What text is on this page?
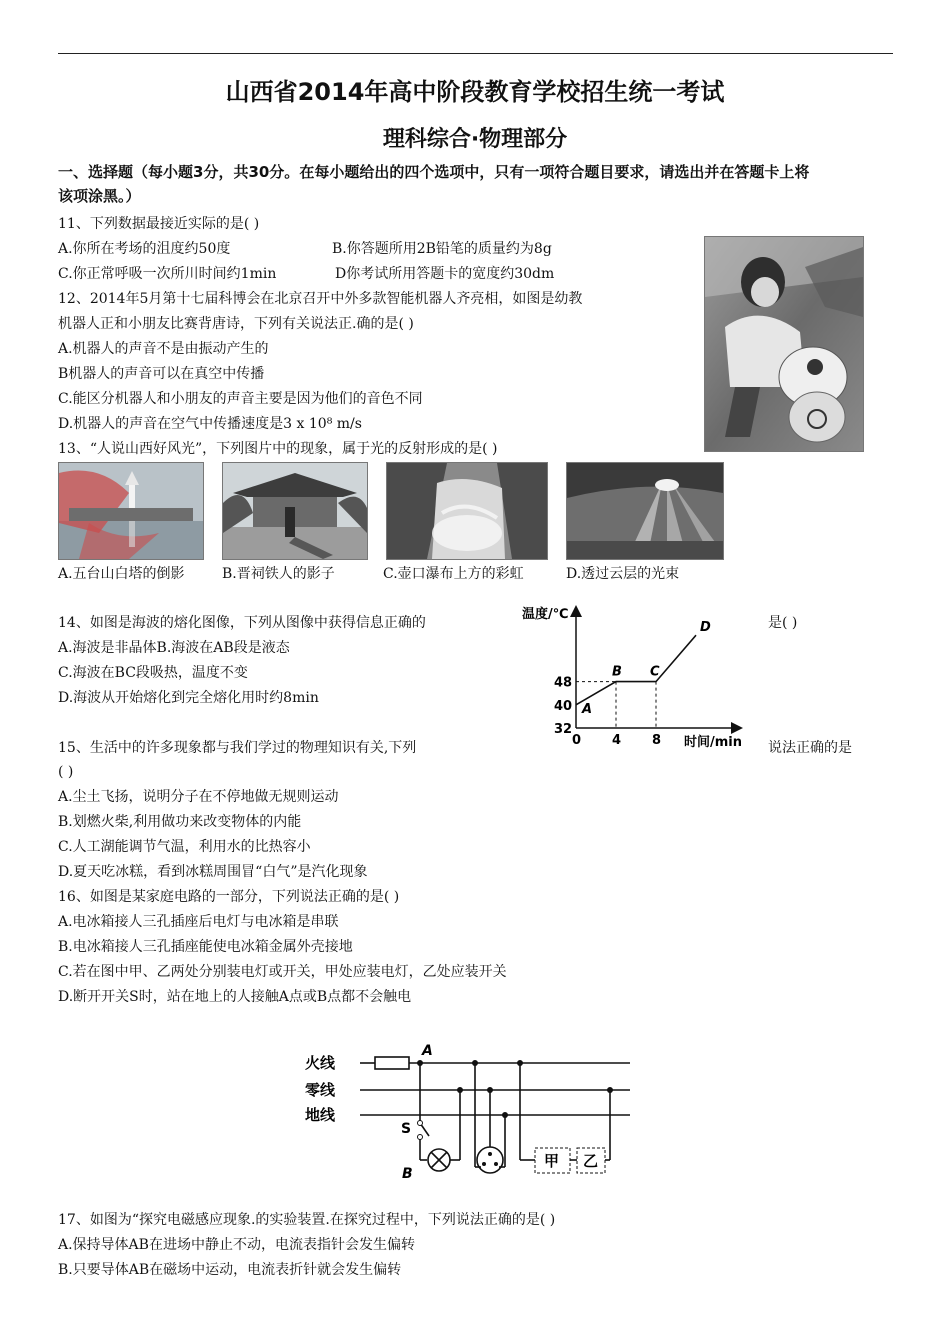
山西省2014年高中阶段教育学校招生统一考试
理科综合·物理部分
一、选择题（每小题3分，共30分。在每小题给出的四个选项中，只有一项符合题目要求，请选出并在答题卡上将
该项涂黑。）
11、下列数据最接近实际的是( )
A.你所在考场的沮度约50度	B.你答题所用2B铅笔的质量约为8g
C.你正常呼吸一次所川时间约1min	D你考试所用答题卡的宽度约30dm
12、2014年5月第十七届科博会在北京召开中外多款智能机器人齐亮相，如图是幼教
机器人正和小朋友比赛背唐诗，下列有关说法正.确的是( )
A.机器人的声音不是由振动产生的
B机器人的声音可以在真空中传播
C.能区分机器人和小朋友的声音主要是因为他们的音色不同
D.机器人的声音在空气中传播速度是3 x 10⁸ m/s
13、“人说山西好风光”，下列图片中的现象，属于光的反射形成的是( )
A.五台山白塔的倒影	B.晋祠铁人的影子	C.壶口瀑布上方的彩虹	D.透过云层的光束
14、如图是海波的熔化图像，下列从图像中获得信息正确的	是( )
A.海波是非晶体B.海波在AB段是液态
C.海波在BC段吸热，温度不变
D.海波从开始熔化到完全熔化用时约8min
温度/℃
时间/min
0 4 8
32
40
48
A
B C
D
15、生活中的许多现象都与我们学过的物理知识有关,下列	说法正确的是
( )
A.尘土飞扬，说明分子在不停地做无规则运动
B.划燃火柴,利用做功来改变物体的内能
C.人工湖能调节气温，利用水的比热容小
D.夏天吃冰糕，看到冰糕周围冒“白气”是汽化现象
16、如图是某家庭电路的一部分，下列说法正确的是( )
A.电冰箱接人三孔插座后电灯与电冰箱是串联
B.电冰箱接人三孔插座能使电冰箱金属外壳接地
C.若在图中甲、乙两处分别装电灯或开关，甲处应装电灯，乙处应装开关
D.断开开关S时，站在地上的人接触A点或B点都不会触电
火线
零线
地线
A
B
S
甲 乙
17、如图为“探究电磁感应现象.的实验装置.在探究过程中，下列说法正确的是( )
A.保持导体AB在进场中静止不动，电流表指针会发生偏转
B.只要导体AB在磁场中运动，电流表折针就会发生偏转
